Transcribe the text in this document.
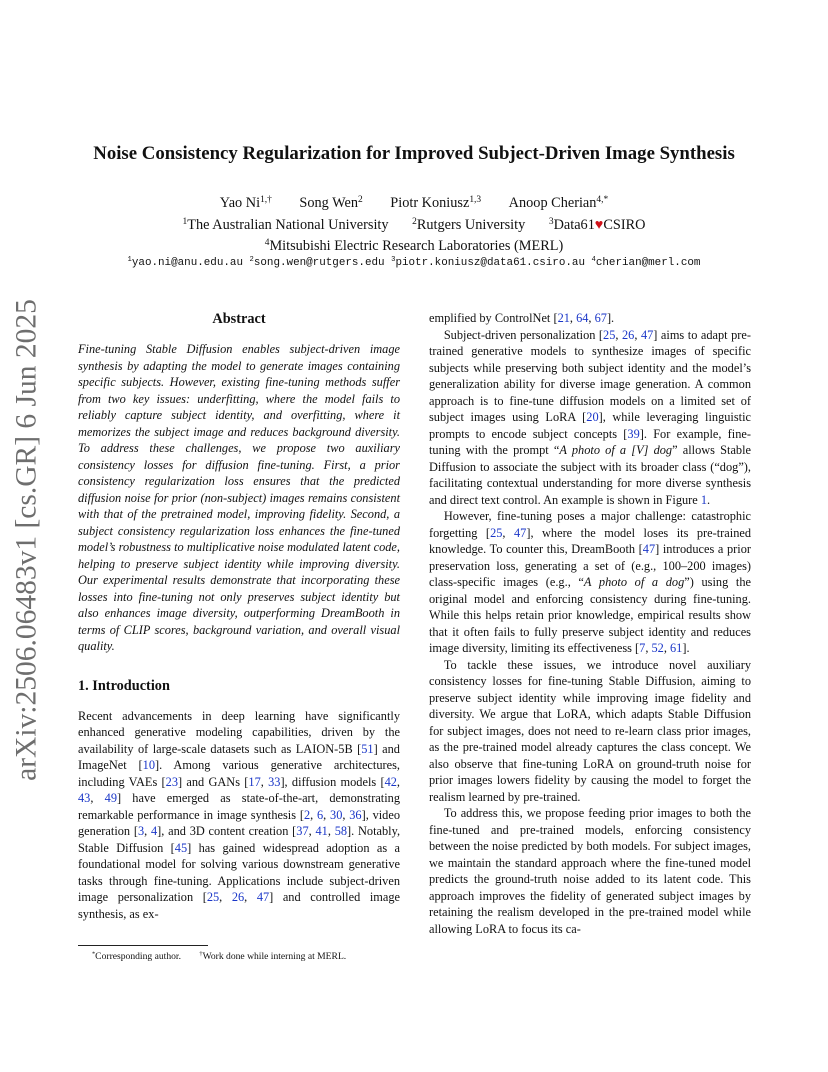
arXiv:2506.06483v1 [cs.GR] 6 Jun 2025
Noise Consistency Regularization for Improved Subject-Driven Image Synthesis
Yao $Ni^{1,\dagger}$ Song Wen$^2$ Piotr Koniusz$^{1,3}$ Anoop Cherian$^{4,*}$
$^1$The Australian National University $^2$Rutgers University $^3$Data61♥CSIRO
$^4$Mitsubishi Electric Research Laboratories (MERL)
$^1$yao.ni@anu.edu.au $^2$song.wen@rutgers.edu $^3$piotr.koniusz@data61.csiro.au $^4$cherian@merl.com
Abstract

Fine-tuning Stable Diffusion enables subject-driven image synthesis by adapting the model to generate images containing specific subjects. However, existing fine-tuning methods suffer from two key issues: underfitting, where the model fails to reliably capture subject identity, and overfitting, where it memorizes the subject image and reduces background diversity. To address these challenges, we propose two auxiliary consistency losses for diffusion fine-tuning. First, a prior consistency regularization loss ensures that the predicted diffusion noise for prior (non-subject) images remains consistent with that of the pretrained model, improving fidelity. Second, a subject consistency regularization loss enhances the fine-tuned model’s robustness to multiplicative noise modulated latent code, helping to preserve subject identity while improving diversity. Our experimental results demonstrate that incorporating these losses into fine-tuning not only preserves subject identity but also enhances image diversity, outperforming DreamBooth in terms of CLIP scores, background variation, and overall visual quality.

1. Introduction

Recent advancements in deep learning have significantly enhanced generative modeling capabilities, driven by the availability of large-scale datasets such as LAION-5B [51] and ImageNet [10]. Among various generative architectures, including VAEs [23] and GANs [17, 33], diffusion models [42, 43, 49] have emerged as state-of-the-art, demonstrating remarkable performance in image synthesis [2, 6, 30, 36], video generation [3, 4], and 3D content creation [37, 41, 58]. Notably, Stable Diffusion [45] has gained widespread adoption as a foundational model for solving various downstream generative tasks through fine-tuning. Applications include subject-driven image personalization [25, 26, 47] and controlled image synthesis, as ex-

*Corresponding author.	†Work done while interning at MERL.

emplified by ControlNet [21, 64, 67].

Subject-driven personalization [25, 26, 47] aims to adapt pre-trained generative models to synthesize images of specific subjects while preserving both subject identity and the model’s generalization ability for diverse image generation. A common approach is to fine-tune diffusion models on a limited set of subject images using LoRA [20], while leveraging linguistic prompts to encode subject concepts [39]. For example, fine-tuning with the prompt “A photo of a [V] dog” allows Stable Diffusion to associate the subject with its broader class (“dog”), facilitating contextual understanding for more diverse synthesis and direct text control. An example is shown in Figure 1.

However, fine-tuning poses a major challenge: catastrophic forgetting [25, 47], where the model loses its pre-trained knowledge. To counter this, DreamBooth [47] introduces a prior preservation loss, generating a set of (e.g., 100–200 images) class-specific images (e.g., “A photo of a dog”) using the original model and enforcing consistency during fine-tuning. While this helps retain prior knowledge, empirical results show that it often fails to fully preserve subject identity and reduces image diversity, limiting its effectiveness [7, 52, 61].

To tackle these issues, we introduce novel auxiliary consistency losses for fine-tuning Stable Diffusion, aiming to preserve subject identity while improving image fidelity and diversity. We argue that LoRA, which adapts Stable Diffusion for subject images, does not need to re-learn class prior images, as the pre-trained model already captures the class concept. We also observe that fine-tuning LoRA on ground-truth noise for prior images lowers fidelity by causing the model to forget the realism learned by pre-trained.

To address this, we propose feeding prior images to both the fine-tuned and pre-trained models, enforcing consistency between the noise predicted by both models. For subject images, we maintain the standard approach where the fine-tuned model predicts the ground-truth noise added to its latent code. This approach improves the fidelity of generated subject images by retaining the realism developed in the pre-trained model while allowing LoRA to focus its ca-
